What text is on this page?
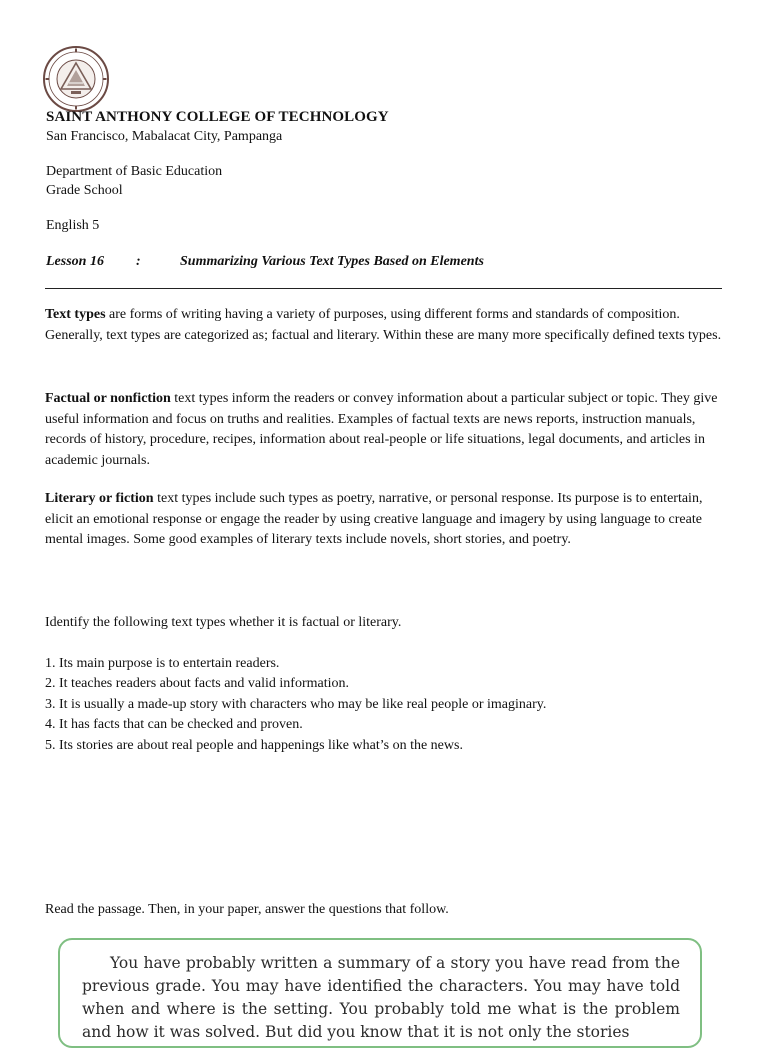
SAINT ANTHONY COLLEGE OF TECHNOLOGY
San Francisco, Mabalacat City, Pampanga
Department of Basic Education
Grade School
English 5
Lesson 16 :	Summarizing Various Text Types Based on Elements

Text types are forms of writing having a variety of purposes, using different forms and standards of composition. Generally, text types are categorized as; factual and literary. Within these are many more specifically defined texts types.

Factual or nonfiction text types inform the readers or convey information about a particular subject or topic. They give useful information and focus on truths and realities. Examples of factual texts are news reports, instruction manuals, records of history, procedure, recipes, information about real-people or life situations, legal documents, and articles in academic journals.

Literary or fiction text types include such types as poetry, narrative, or personal response. Its purpose is to entertain, elicit an emotional response or engage the reader by using creative language and imagery by using language to create mental images. Some good examples of literary texts include novels, short stories, and poetry.

Identify the following text types whether it is factual or literary.

1. Its main purpose is to entertain readers.
2. It teaches readers about facts and valid information.
3. It is usually a made-up story with characters who may be like real people or imaginary.
4. It has facts that can be checked and proven.
5. Its stories are about real people and happenings like what’s on the news.

Read the passage. Then, in your paper, answer the questions that follow.

You have probably written a summary of a story you have read from the previous grade. You may have identified the characters. You may have told when and where is the setting. You probably told me what is the problem and how it was solved. But did you know that it is not only the stories
